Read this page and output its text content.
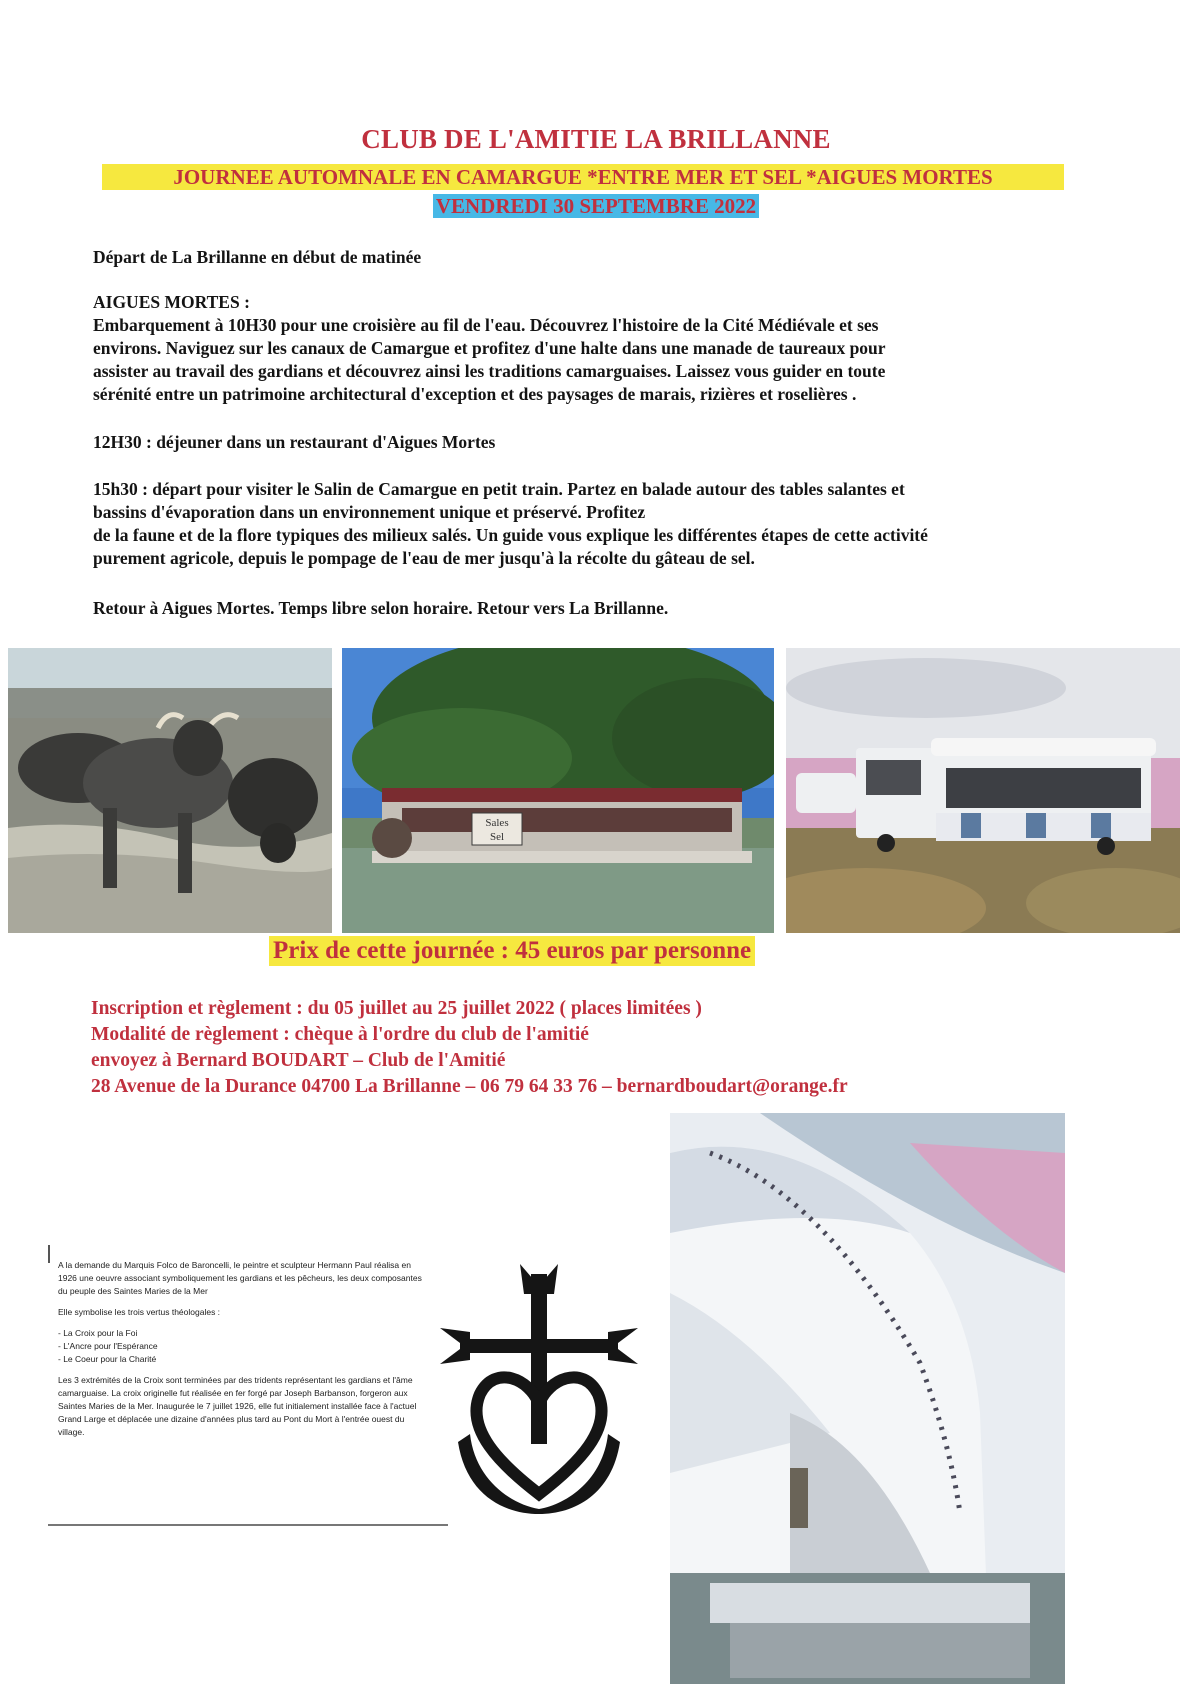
CLUB DE L'AMITIE LA BRILLANNE
JOURNEE AUTOMNALE EN CAMARGUE *ENTRE MER ET SEL *AIGUES MORTES
VENDREDI 30 SEPTEMBRE 2022
Départ de La Brillanne en début de matinée

AIGUES MORTES :

Embarquement à 10H30 pour une croisière au fil de l'eau. Découvrez l'histoire de la Cité Médiévale et ses

environs. Naviguez sur les canaux de Camargue et profitez d'une halte dans une manade de taureaux pour

assister au travail des gardians et découvrez ainsi les traditions camarguaises. Laissez vous guider en toute

sérénité entre un patrimoine architectural d'exception et des paysages de marais, rizières et roselières .

12H30 : déjeuner dans un restaurant d'Aigues Mortes

15h30 : départ pour visiter le Salin de Camargue en petit train. Partez en balade autour des tables salantes et

bassins d'évaporation dans un environnement unique et préservé. Profitez

de la faune et de la flore typiques des milieux salés. Un guide vous explique les différentes étapes de cette activité

purement agricole, depuis le pompage de l'eau de mer jusqu'à la récolte du gâteau de sel.

Retour à Aigues Mortes. Temps libre selon horaire. Retour vers La Brillanne.
Sales
Sel
Prix de cette journée : 45 euros par personne
Inscription et règlement : du 05 juillet au 25 juillet 2022 ( places limitées )
Modalité de règlement : chèque à l'ordre du club de l'amitié
envoyez à Bernard BOUDART – Club de l'Amitié
28 Avenue de la Durance 04700 La Brillanne – 06 79 64 33 76 – bernardboudart@orange.fr

A la demande du Marquis Folco de Baroncelli, le peintre et sculpteur Hermann Paul réalisa en 1926 une oeuvre associant symboliquement les gardians et les pêcheurs, les deux composantes du peuple des Saintes Maries de la Mer

Elle symbolise les trois vertus théologales :

- La Croix pour la Foi
- L'Ancre pour l'Espérance
- Le Coeur pour la Charité

Les 3 extrémités de la Croix sont terminées par des tridents représentant les gardians et l'âme camarguaise. La croix originelle fut réalisée en fer forgé par Joseph Barbanson, forgeron aux Saintes Maries de la Mer. Inaugurée le 7 juillet 1926, elle fut initialement installée face à l'actuel Grand Large et déplacée une dizaine d'années plus tard au Pont du Mort à l'entrée ouest du village.
